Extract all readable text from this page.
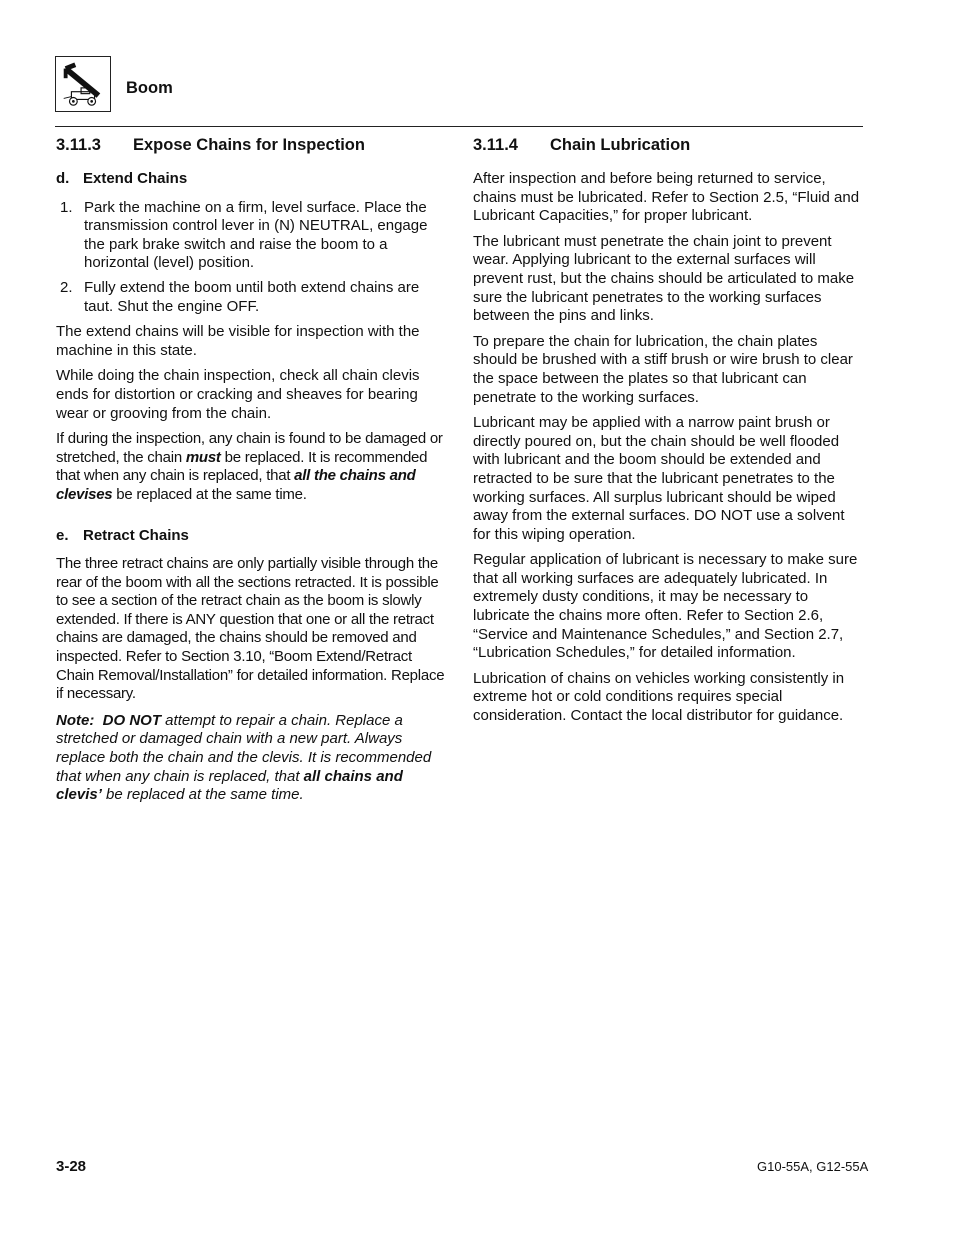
Boom
3.11.3	Expose Chains for Inspection
d. Extend Chains
1. Park the machine on a firm, level surface. Place the transmission control lever in (N) NEUTRAL, engage the park brake switch and raise the boom to a horizontal (level) position.
2. Fully extend the boom until both extend chains are taut. Shut the engine OFF.

The extend chains will be visible for inspection with the machine in this state.

While doing the chain inspection, check all chain clevis ends for distortion or cracking and sheaves for bearing wear or grooving from the chain.

If during the inspection, any chain is found to be damaged or stretched, the chain must be replaced. It is recommended that when any chain is replaced, that all the chains and clevises be replaced at the same time.

e. Retract Chains

The three retract chains are only partially visible through the rear of the boom with all the sections retracted. It is possible to see a section of the retract chain as the boom is slowly extended. If there is ANY question that one or all the retract chains are damaged, the chains should be removed and inspected. Refer to Section 3.10, “Boom Extend/Retract Chain Removal/Installation” for detailed information. Replace if necessary.

Note: DO NOT attempt to repair a chain. Replace a stretched or damaged chain with a new part. Always replace both the chain and the clevis. It is recommended that when any chain is replaced, that all chains and clevis’ be replaced at the same time.

3.11.4	Chain Lubrication

After inspection and before being returned to service, chains must be lubricated. Refer to Section 2.5, “Fluid and Lubricant Capacities,” for proper lubricant.

The lubricant must penetrate the chain joint to prevent wear. Applying lubricant to the external surfaces will prevent rust, but the chains should be articulated to make sure the lubricant penetrates to the working surfaces between the pins and links.

To prepare the chain for lubrication, the chain plates should be brushed with a stiff brush or wire brush to clear the space between the plates so that lubricant can penetrate to the working surfaces.

Lubricant may be applied with a narrow paint brush or directly poured on, but the chain should be well flooded with lubricant and the boom should be extended and retracted to be sure that the lubricant penetrates to the working surfaces. All surplus lubricant should be wiped away from the external surfaces. DO NOT use a solvent for this wiping operation.

Regular application of lubricant is necessary to make sure that all working surfaces are adequately lubricated. In extremely dusty conditions, it may be necessary to lubricate the chains more often. Refer to Section 2.6, “Service and Maintenance Schedules,” and Section 2.7, “Lubrication Schedules,” for detailed information.

Lubrication of chains on vehicles working consistently in extreme hot or cold conditions requires special consideration. Contact the local distributor for guidance.

3-28	G10-55A, G12-55A
